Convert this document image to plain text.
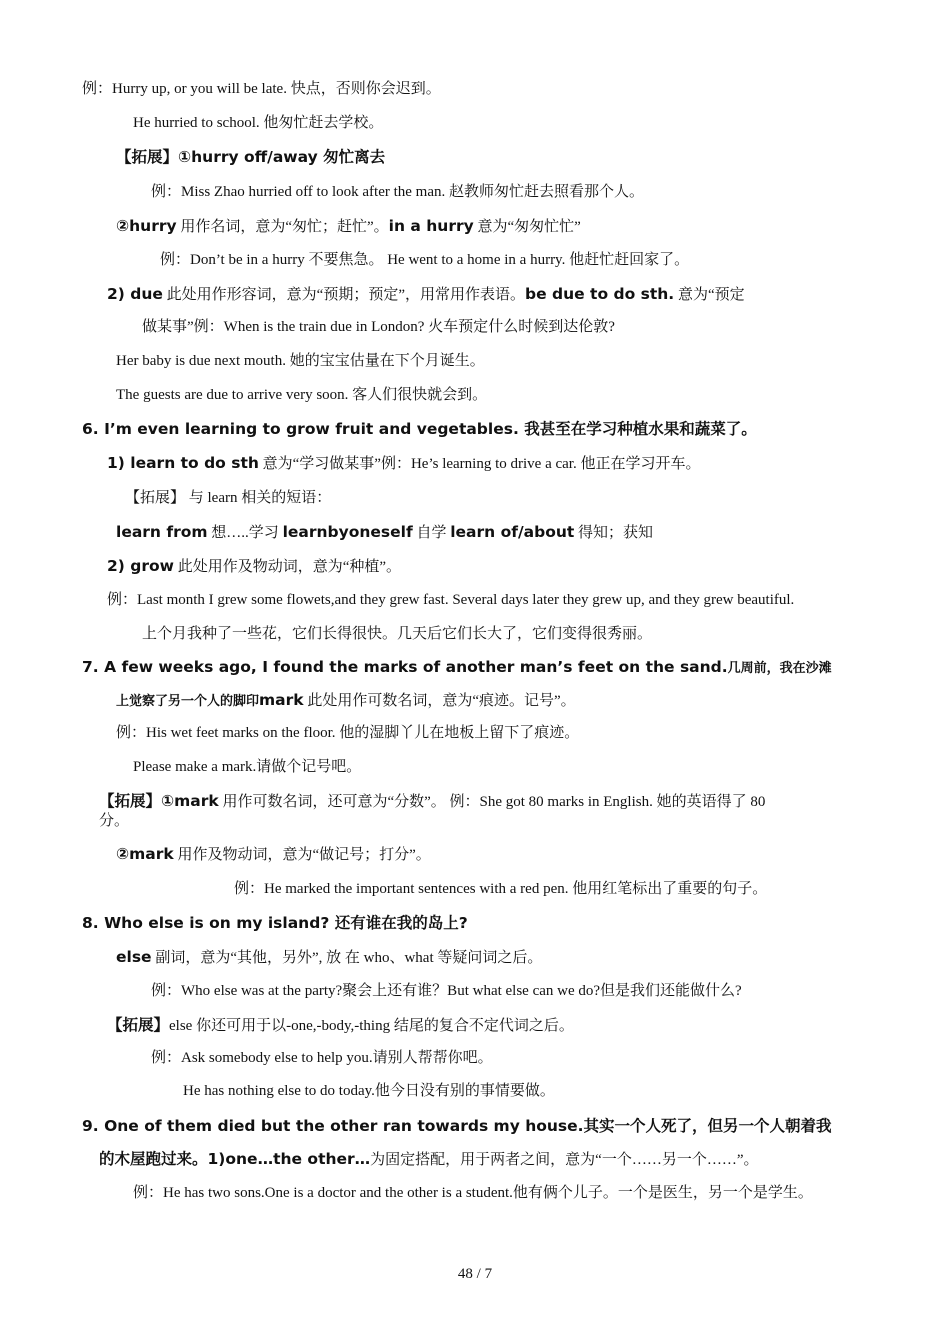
例：Hurry up, or you will be late. 快点，否则你会迟到。
He hurried to school. 他匆忙赶去学校。
【拓展】①hurry off/away 匆忙离去
例：Miss Zhao hurried off to look after the man. 赵教师匆忙赶去照看那个人。
②hurry 用作名词，意为“匆忙；赶忙”。in a hurry 意为“匆匆忙忙”
例：Don’t be in a hurry 不要焦急。 He went to a home in a hurry. 他赶忙赶回家了。
2) due 此处用作形容词，意为“预期；预定”，用常用作表语。be due to do sth. 意为“预定
做某事”例：When is the train due in London? 火车预定什么时候到达伦敦?
Her baby is due next mouth. 她的宝宝估量在下个月诞生。
The guests are due to arrive very soon. 客人们很快就会到。
6. I’m even learning to grow fruit and vegetables. 我甚至在学习种植水果和蔬菜了。
1) learn to do sth 意为“学习做某事”例：He’s learning to drive a car. 他正在学习开车。
【拓展】 与 learn 相关的短语：
learn from 想…..学习 learnbyoneself 自学 learn of/about 得知；获知
2) grow 此处用作及物动词，意为“种植”。
例：Last month I grew some flowets,and they grew fast. Several days later they grew up, and they grew beautiful.
上个月我种了一些花，它们长得很快。几天后它们长大了，它们变得很秀丽。
7. A few weeks ago, I found the marks of another man’s feet on the sand.几周前，我在沙滩
上觉察了另一个人的脚印mark 此处用作可数名词，意为“痕迹。记号”。
例：His wet feet marks on the floor. 他的湿脚丫儿在地板上留下了痕迹。
Please make a mark.请做个记号吧。
【拓展】①mark 用作可数名词，还可意为“分数”。 例：She got 80 marks in English. 她的英语得了 80
分。
②mark 用作及物动词，意为“做记号；打分”。
例：He marked the important sentences with a red pen. 他用红笔标出了重要的句子。
8. Who else is on my island? 还有谁在我的岛上?
else 副词，意为“其他，另外”, 放 在 who、what 等疑问词之后。
例：Who else was at the party?聚会上还有谁？But what else can we do?但是我们还能做什么?
【拓展】else 你还可用于以-one,-body,-thing 结尾的复合不定代词之后。
例：Ask somebody else to help you.请别人帮帮你吧。
He has nothing else to do today.他今日没有别的事情要做。
9. One of them died but the other ran towards my house.其实一个人死了，但另一个人朝着我
的木屋跑过来。1)one…the other…为固定搭配，用于两者之间，意为“一个……另一个……”。
例：He has two sons.One is a doctor and the other is a student.他有俩个儿子。一个是医生，另一个是学生。
48 / 7
